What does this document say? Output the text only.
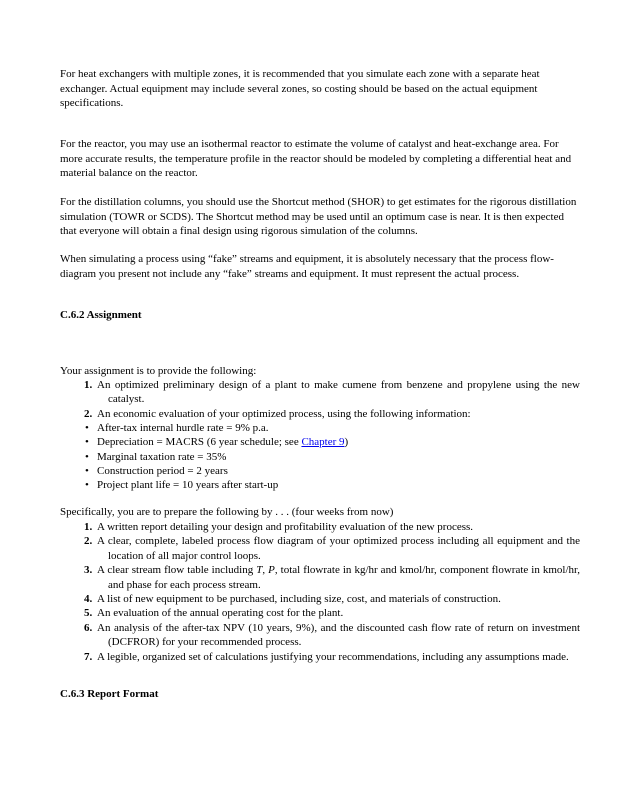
For heat exchangers with multiple zones, it is recommended that you simulate each zone with a separate heat exchanger. Actual equipment may include several zones, so costing should be based on the actual equipment specifications.

For the reactor, you may use an isothermal reactor to estimate the volume of catalyst and heat-exchange area. For more accurate results, the temperature profile in the reactor should be modeled by completing a differential heat and material balance on the reactor.

For the distillation columns, you should use the Shortcut method (SHOR) to get estimates for the rigorous distillation simulation (TOWR or SCDS). The Shortcut method may be used until an optimum case is near. It is then expected that everyone will obtain a final design using rigorous simulation of the columns.

When simulating a process using “fake” streams and equipment, it is absolutely necessary that the process flow-diagram you present not include any “fake” streams and equipment. It must represent the actual process.

C.6.2 Assignment

Your assignment is to provide the following:

1. An optimized preliminary design of a plant to make cumene from benzene and propylene using the new catalyst.
2. An economic evaluation of your optimized process, using the following information:
• After-tax internal hurdle rate = 9% p.a.
• Depreciation = MACRS (6 year schedule; see Chapter 9)
• Marginal taxation rate = 35%
• Construction period = 2 years
• Project plant life = 10 years after start-up

Specifically, you are to prepare the following by . . . (four weeks from now)

1. A written report detailing your design and profitability evaluation of the new process.
2. A clear, complete, labeled process flow diagram of your optimized process including all equipment and the location of all major control loops.
3. A clear stream flow table including T, P, total flowrate in kg/hr and kmol/hr, component flowrate in kmol/hr, and phase for each process stream.
4. A list of new equipment to be purchased, including size, cost, and materials of construction.
5. An evaluation of the annual operating cost for the plant.
6. An analysis of the after-tax NPV (10 years, 9%), and the discounted cash flow rate of return on investment (DCFROR) for your recommended process.
7. A legible, organized set of calculations justifying your recommendations, including any assumptions made.
C.6.3 Report Format
